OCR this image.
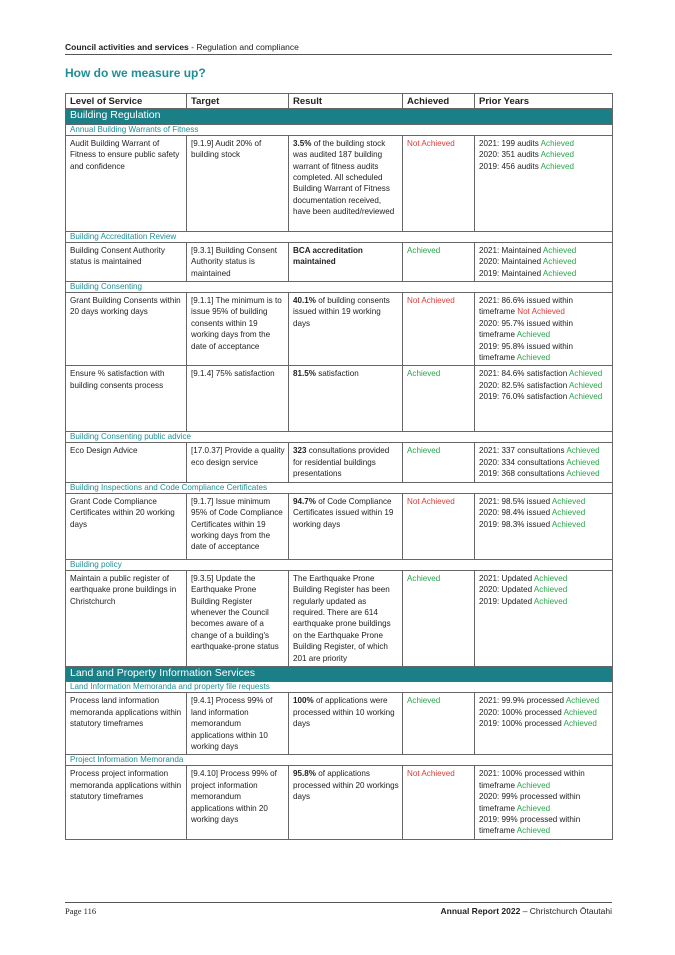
Council activities and services - Regulation and compliance
How do we measure up?
Level of Service	Target	Result	Achieved	Prior Years
Building Regulation				
Annual Building Warrants of Fitness				
Audit Building Warrant of Fitness to ensure public safety and confidence	[9.1.9] Audit 20% of building stock	3.5% of the building stock was audited 187 building warrant of fitness audits completed. All scheduled Building Warrant of Fitness documentation received, have been audited/reviewed	Not Achieved	2021: 199 audits Achieved
2020: 351 audits Achieved
2019: 456 audits Achieved

Building Accreditation Review				
Building Consent Authority status is maintained	[9.3.1] Building Consent Authority status is maintained	BCA accreditation maintained	Achieved	2021: Maintained Achieved
2020: Maintained Achieved
2019: Maintained Achieved

Building Consenting				
Grant Building Consents within 20 days working days	[9.1.1] The minimum is to issue 95% of building consents within 19 working days from the date of acceptance	40.1% of building consents issued within 19 working days	Not Achieved	2021: 86.6% issued within timeframe Not Achieved
2020: 95.7% issued within timeframe Achieved
2019: 95.8% issued within timeframe Achieved

Ensure % satisfaction with building consents process	[9.1.4] 75% satisfaction	81.5% satisfaction	Achieved	2021: 84.6% satisfaction Achieved
2020: 82.5% satisfaction Achieved
2019: 76.0% satisfaction Achieved

Building Consenting public advice				
Eco Design Advice	[17.0.37] Provide a quality eco design service	323 consultations provided for residential buildings presentations	Achieved	2021: 337 consultations Achieved
2020: 334 consultations Achieved
2019: 368 consultations Achieved

Building Inspections and Code Compliance Certificates				
Grant Code Compliance Certificates within 20 working days	[9.1.7] Issue minimum 95% of Code Compliance Certificates within 19 working days from the date of acceptance	94.7% of Code Compliance Certificates issued within 19 working days	Not Achieved	2021: 98.5% issued Achieved
2020: 98.4% issued Achieved
2019: 98.3% issued Achieved

Building policy				
Maintain a public register of earthquake prone buildings in Christchurch	[9.3.5] Update the Earthquake Prone Building Register whenever the Council becomes aware of a change of a building's earthquake-prone status	The Earthquake Prone Building Register has been regularly updated as required. There are 614 earthquake prone buildings on the Earthquake Prone Building Register, of which 201 are priority	Achieved	2021: Updated Achieved
2020: Updated Achieved
2019: Updated Achieved

Land and Property Information Services				
Land Information Memoranda and property file requests				
Process land information memoranda applications within statutory timeframes	[9.4.1] Process 99% of land information memorandum applications within 10 working days	100% of applications were processed within 10 working days	Achieved	2021: 99.9% processed Achieved
2020: 100% processed Achieved
2019: 100% processed Achieved

Project Information Memoranda				
Process project information memoranda applications within statutory timeframes	[9.4.10] Process 99% of project information memorandum applications within 20 working days	95.8% of applications processed within 20 workings days	Not Achieved	2021: 100% processed within timeframe Achieved
2020: 99% processed within timeframe Achieved
2019: 99% processed within timeframe Achieved
Page 116	Annual Report 2022 – Christchurch Ōtautahi
